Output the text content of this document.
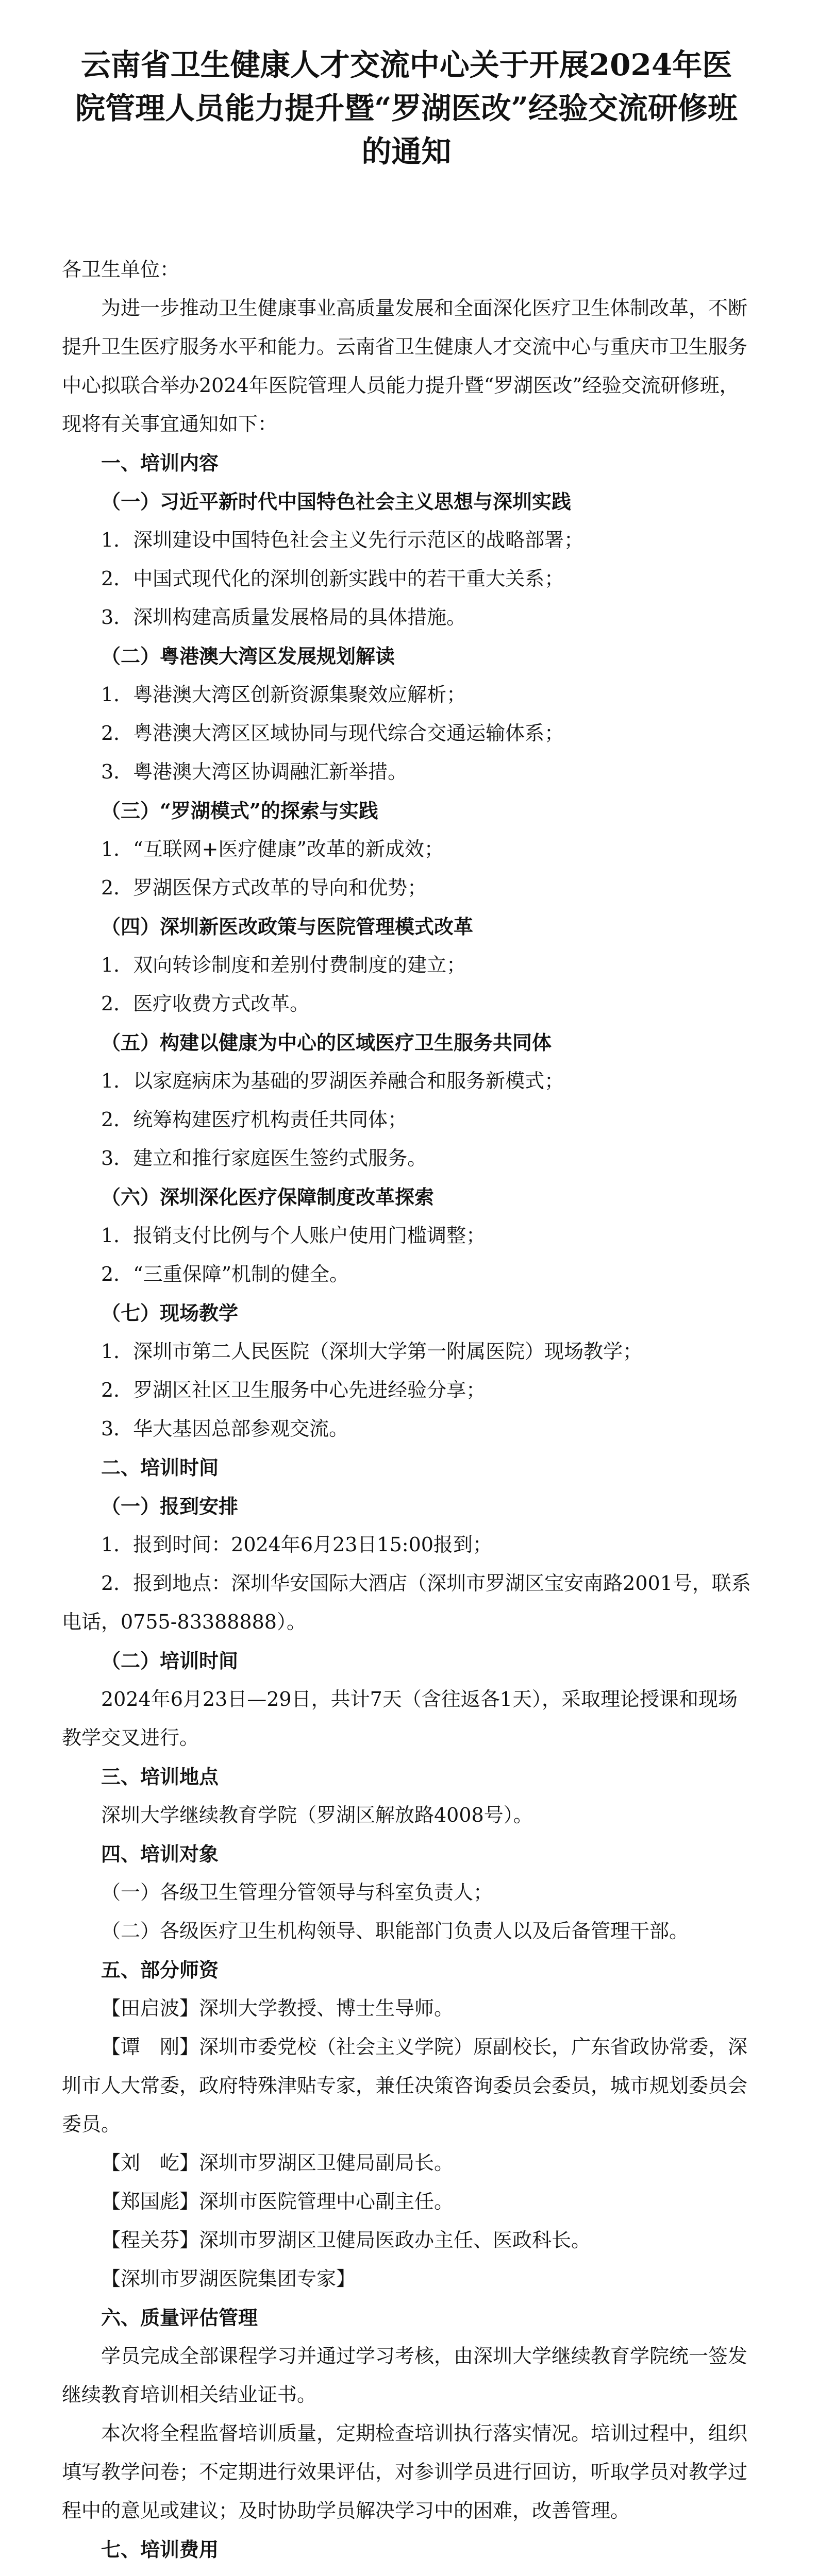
云南省卫生健康人才交流中心关于开展2024年医院管理人员能力提升暨“罗湖医改”经验交流研修班的通知

各卫生单位：

为进一步推动卫生健康事业高质量发展和全面深化医疗卫生体制改革，不断提升卫生医疗服务水平和能力。云南省卫生健康人才交流中心与重庆市卫生服务中心拟联合举办2024年医院管理人员能力提升暨“罗湖医改”经验交流研修班，现将有关事宜通知如下：

一、培训内容

（一）习近平新时代中国特色社会主义思想与深圳实践

1．深圳建设中国特色社会主义先行示范区的战略部署；

2．中国式现代化的深圳创新实践中的若干重大关系；

3．深圳构建高质量发展格局的具体措施。

（二）粤港澳大湾区发展规划解读

1．粤港澳大湾区创新资源集聚效应解析；

2．粤港澳大湾区区域协同与现代综合交通运输体系；

3．粤港澳大湾区协调融汇新举措。

（三）“罗湖模式”的探索与实践

1．“互联网+医疗健康”改革的新成效；

2．罗湖医保方式改革的导向和优势；

（四）深圳新医改政策与医院管理模式改革

1．双向转诊制度和差别付费制度的建立；

2．医疗收费方式改革。

（五）构建以健康为中心的区域医疗卫生服务共同体

1．以家庭病床为基础的罗湖医养融合和服务新模式；

2．统筹构建医疗机构责任共同体；

3．建立和推行家庭医生签约式服务。

（六）深圳深化医疗保障制度改革探索

1．报销支付比例与个人账户使用门槛调整；

2．“三重保障”机制的健全。

（七）现场教学

1．深圳市第二人民医院（深圳大学第一附属医院）现场教学；

2．罗湖区社区卫生服务中心先进经验分享；

3．华大基因总部参观交流。

二、培训时间

（一）报到安排

1．报到时间：2024年6月23日15:00报到；

2．报到地点：深圳华安国际大酒店（深圳市罗湖区宝安南路2001号，联系电话，0755-83388888）。

（二）培训时间

2024年6月23日—29日，共计7天（含往返各1天），采取理论授课和现场教学交叉进行。

三、培训地点

深圳大学继续教育学院（罗湖区解放路4008号）。

四、培训对象

（一）各级卫生管理分管领导与科室负责人；

（二）各级医疗卫生机构领导、职能部门负责人以及后备管理干部。

五、部分师资

【田启波】深圳大学教授、博士生导师。

【谭　刚】深圳市委党校（社会主义学院）原副校长，广东省政协常委，深圳市人大常委，政府特殊津贴专家，兼任决策咨询委员会委员，城市规划委员会委员。

【刘　屹】深圳市罗湖区卫健局副局长。

【郑国彪】深圳市医院管理中心副主任。

【程关芬】深圳市罗湖区卫健局医政办主任、医政科长。

【深圳市罗湖医院集团专家】

六、质量评估管理

学员完成全部课程学习并通过学习考核，由深圳大学继续教育学院统一签发继续教育培训相关结业证书。

本次将全程监督培训质量，定期检查培训执行落实情况。培训过程中，组织填写教学问卷；不定期进行效果评估，对参训学员进行回访，听取学员对教学过程中的意见或建议；及时协助学员解决学习中的困难，改善管理。

七、培训费用
